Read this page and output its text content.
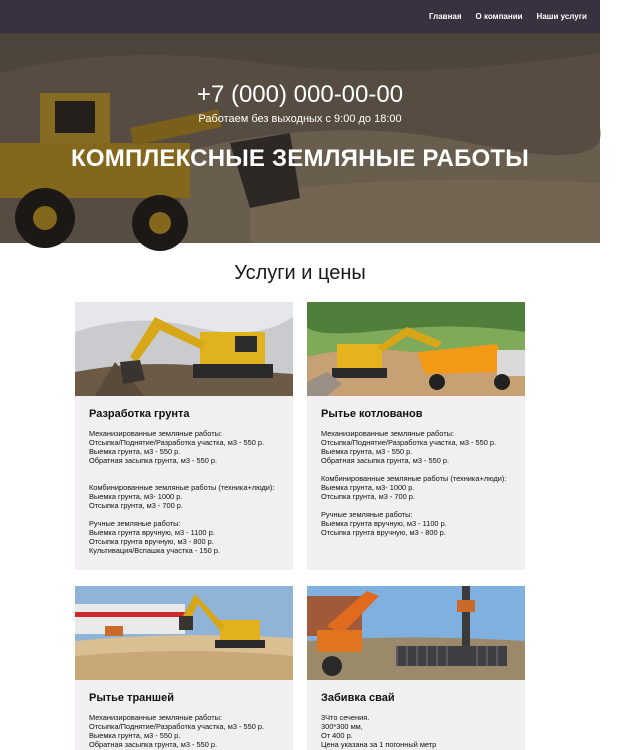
Главная О компании Наши услуги Наши р
+7 (000) 000-00-00
Работаем без выходных с 9:00 до 18:00
КОМПЛЕКСНЫЕ ЗЕМЛЯНЫЕ РАБОТЫ
Услуги и цены
Разработка грунта
Механизированные земляные работы:
Отсыпка/Поднятие/Разработка участка, м3 - 550 р.
Выемка грунта, м3 - 550 р.
Обратная засыпка грунта, м3 - 550 р.
Комбинированные земляные работы (техника+люди):
Выемка грунта, м3- 1000 р.
Отсыпка грунта, м3 - 700 р.
Ручные земляные работы:
Выемка грунта вручную, м3 - 1100 р.
Отсыпка грунта вручную, м3 - 800 р.
Культивация/Вспашка участка - 150 р.
Рытье котлованов
Механизированные земляные работы:
Отсыпка/Поднятие/Разработка участка, м3 - 550 р.
Выемка грунта, м3 - 550 р.
Обратная засыпка грунта, м3 - 550 р.
Комбинированные земляные работы (техника+люди):
Выемка грунта, м3- 1000 р.
Отсыпка грунта, м3 - 700 р.
Ручные земляные работы:
Выемка грунта вручную, м3 - 1100 р.
Отсыпка грунта вручную, м3 - 800 р.
Рытье траншей
Механизированные земляные работы:
Отсыпка/Поднятие/Разработка участка, м3 - 550 р.
Выемка грунта, м3 - 550 р.
Обратная засыпка грунта, м3 - 550 р.
Забивка свай
3Что сечения.
300*300 мм,
От 400 р.
Цена указана за 1 погонный метр
